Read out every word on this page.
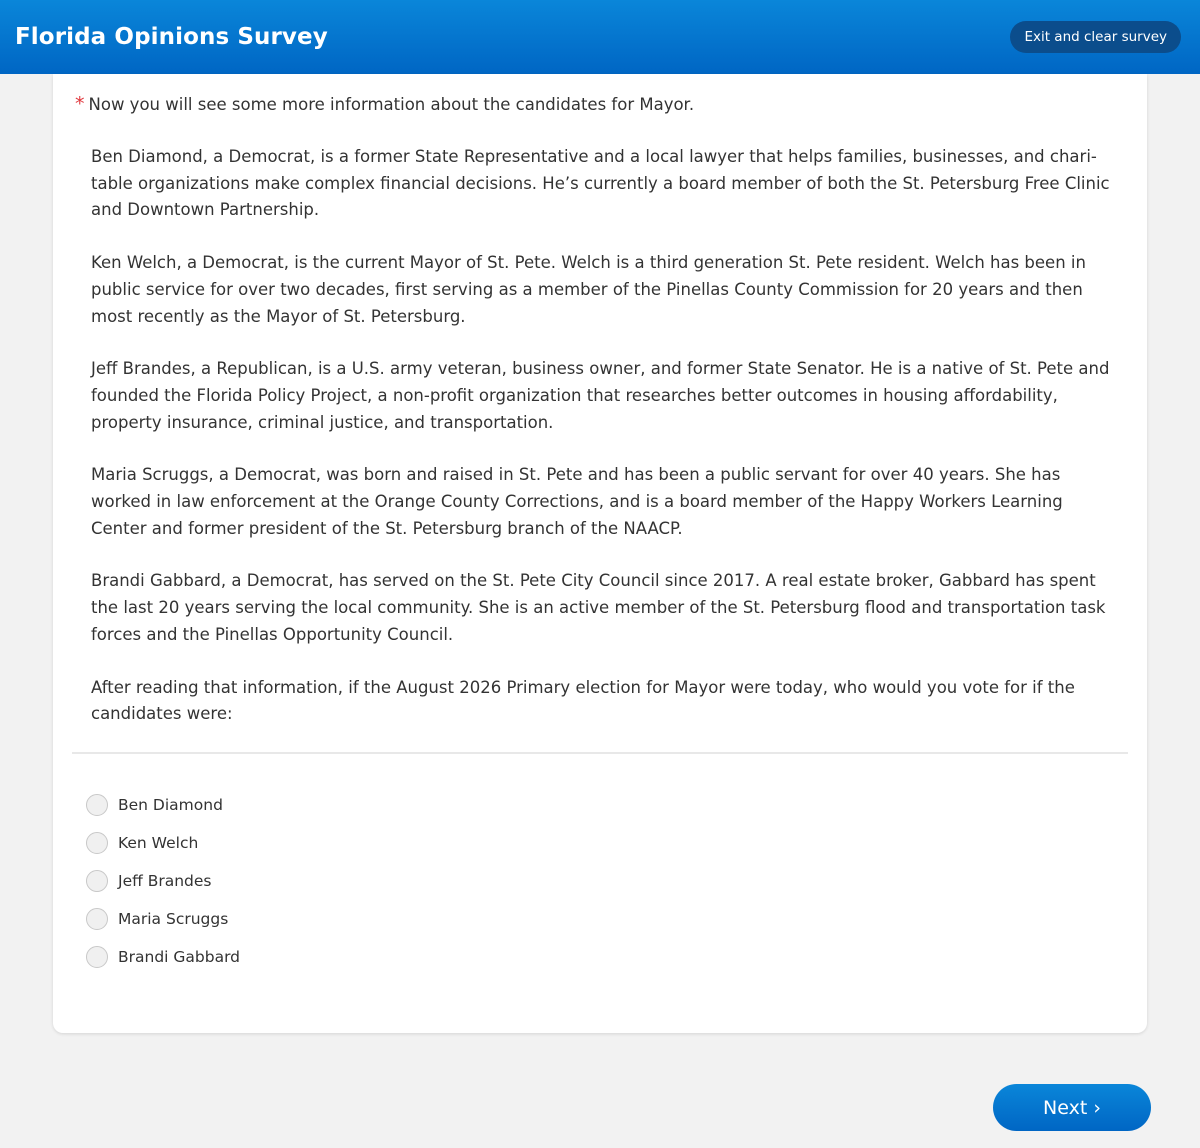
Florida Opinions Survey	Exit and clear survey
* Now you will see some more information about the candidates for Mayor.

Ben Diamond, a Democrat, is a former State Representative and a local lawyer that helps families, businesses, and chari- table organizations make complex financial decisions. He’s currently a board member of both the St. Petersburg Free Clinic and Downtown Partnership.

Ken Welch, a Democrat, is the current Mayor of St. Pete. Welch is a third generation St. Pete resident. Welch has been in public service for over two decades, first serving as a member of the Pinellas County Commission for 20 years and then most recently as the Mayor of St. Petersburg.

Jeff Brandes, a Republican, is a U.S. army veteran, business owner, and former State Senator. He is a native of St. Pete and founded the Florida Policy Project, a non-profit organization that researches better outcomes in housing affordability, property insurance, criminal justice, and transportation.

Maria Scruggs, a Democrat, was born and raised in St. Pete and has been a public servant for over 40 years. She has worked in law enforcement at the Orange County Corrections, and is a board member of the Happy Workers Learning Center and former president of the St. Petersburg branch of the NAACP.

Brandi Gabbard, a Democrat, has served on the St. Pete City Council since 2017. A real estate broker, Gabbard has spent the last 20 years serving the local community. She is an active member of the St. Petersburg flood and transportation task forces and the Pinellas Opportunity Council.

After reading that information, if the August 2026 Primary election for Mayor were today, who would you vote for if the candidates were:

Ben Diamond
Ken Welch
Jeff Brandes
Maria Scruggs
Brandi Gabbard
Next ›
